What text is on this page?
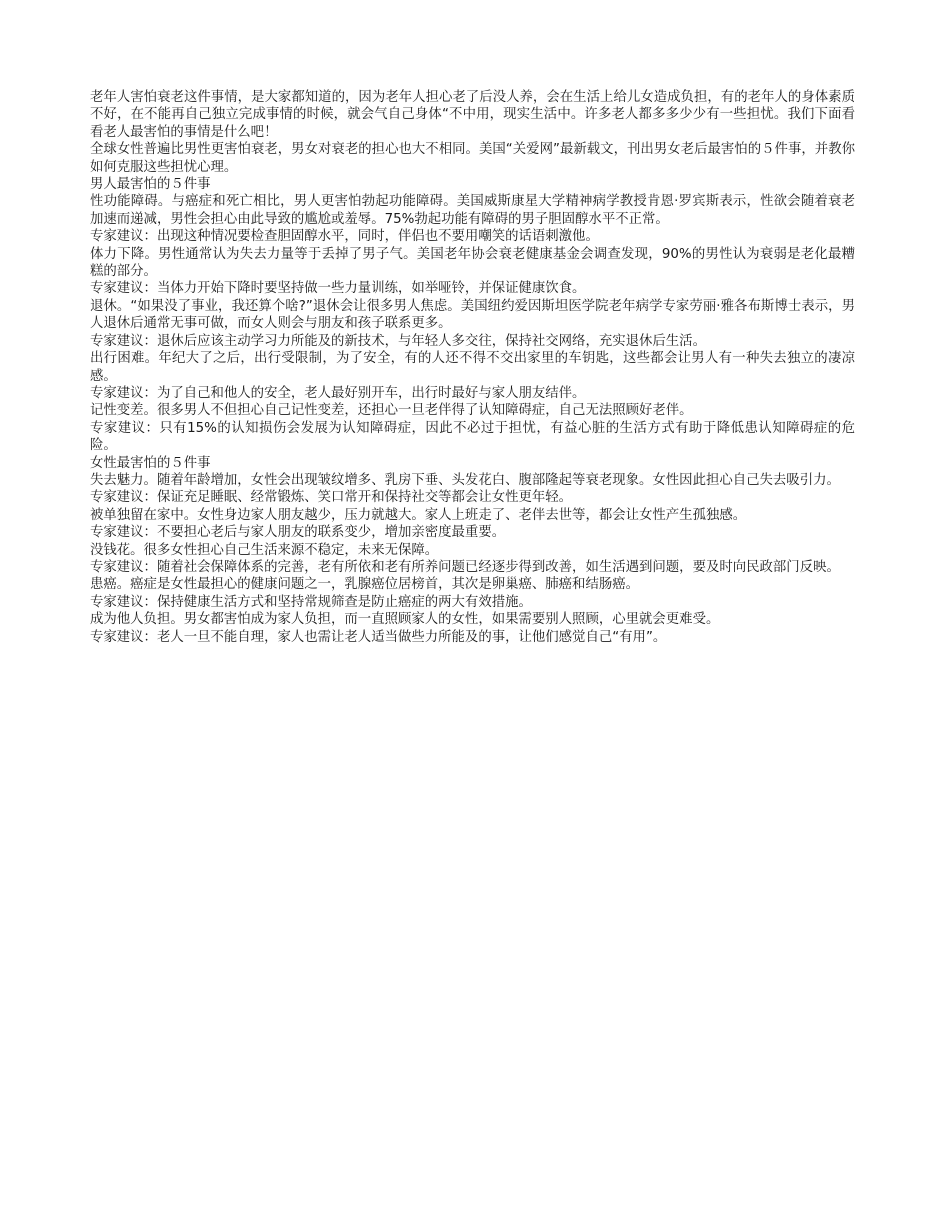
老年人害怕衰老这件事情，是大家都知道的，因为老年人担心老了后没人养，会在生活上给儿女造成负担，有的老年人的身体素质不好，在不能再自己独立完成事情的时候，就会气自己身体“不中用，现实生活中。许多老人都多多少少有一些担忧。我们下面看看老人最害怕的事情是什么吧！

全球女性普遍比男性更害怕衰老，男女对衰老的担心也大不相同。美国“关爱网”最新载文，刊出男女老后最害怕的５件事，并教你如何克服这些担忧心理。

男人最害怕的５件事

性功能障碍。与癌症和死亡相比，男人更害怕勃起功能障碍。美国威斯康星大学精神病学教授肯恩·罗宾斯表示，性欲会随着衰老加速而递减，男性会担心由此导致的尴尬或羞辱。75%勃起功能有障碍的男子胆固醇水平不正常。

专家建议：出现这种情况要检查胆固醇水平，同时，伴侣也不要用嘲笑的话语刺激他。

体力下降。男性通常认为失去力量等于丢掉了男子气。美国老年协会衰老健康基金会调查发现，90%的男性认为衰弱是老化最糟糕的部分。

专家建议：当体力开始下降时要坚持做一些力量训练，如举哑铃，并保证健康饮食。

退休。“如果没了事业，我还算个啥?”退休会让很多男人焦虑。美国纽约爱因斯坦医学院老年病学专家劳丽·雅各布斯博士表示，男人退休后通常无事可做，而女人则会与朋友和孩子联系更多。

专家建议：退休后应该主动学习力所能及的新技术，与年轻人多交往，保持社交网络，充实退休后生活。

出行困难。年纪大了之后，出行受限制，为了安全，有的人还不得不交出家里的车钥匙，这些都会让男人有一种失去独立的凄凉感。

专家建议：为了自己和他人的安全，老人最好别开车，出行时最好与家人朋友结伴。

记性变差。很多男人不但担心自己记性变差，还担心一旦老伴得了认知障碍症，自己无法照顾好老伴。

专家建议：只有15%的认知损伤会发展为认知障碍症，因此不必过于担忧，有益心脏的生活方式有助于降低患认知障碍症的危险。

女性最害怕的５件事

失去魅力。随着年龄增加，女性会出现皱纹增多、乳房下垂、头发花白、腹部隆起等衰老现象。女性因此担心自己失去吸引力。

专家建议：保证充足睡眠、经常锻炼、笑口常开和保持社交等都会让女性更年轻。

被单独留在家中。女性身边家人朋友越少，压力就越大。家人上班走了、老伴去世等，都会让女性产生孤独感。

专家建议：不要担心老后与家人朋友的联系变少，增加亲密度最重要。

没钱花。很多女性担心自己生活来源不稳定，未来无保障。

专家建议：随着社会保障体系的完善，老有所依和老有所养问题已经逐步得到改善，如生活遇到问题，要及时向民政部门反映。

患癌。癌症是女性最担心的健康问题之一，乳腺癌位居榜首，其次是卵巢癌、肺癌和结肠癌。

专家建议：保持健康生活方式和坚持常规筛查是防止癌症的两大有效措施。

成为他人负担。男女都害怕成为家人负担，而一直照顾家人的女性，如果需要别人照顾，心里就会更难受。

专家建议：老人一旦不能自理，家人也需让老人适当做些力所能及的事，让他们感觉自己“有用”。
